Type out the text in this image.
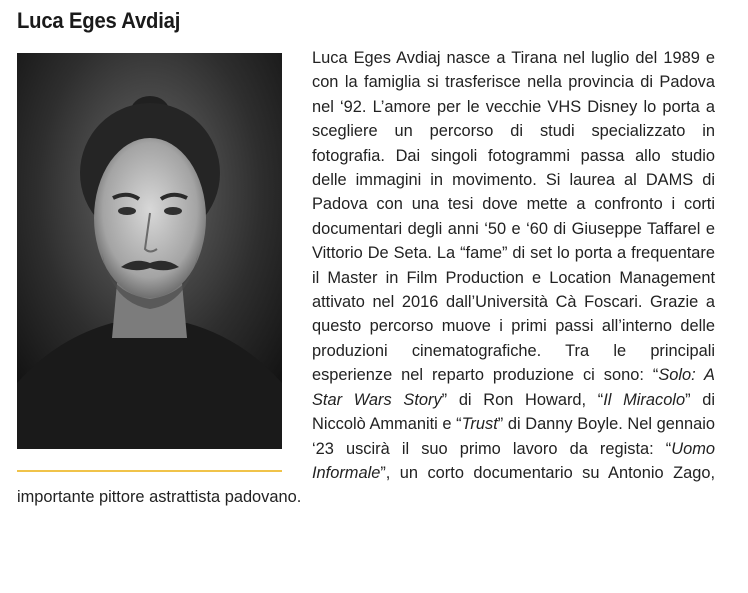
Luca Eges Avdiaj

Luca Eges Avdiaj nasce a Tirana nel luglio del 1989 e con la famiglia si trasferisce nella provincia di Padova nel ‘92. L’amore per le vecchie VHS Disney lo porta a scegliere un percorso di studi specializzato in fotografia. Dai singoli fotogrammi passa allo studio delle immagini in movimento. Si laurea al DAMS di Padova con una tesi dove mette a confronto i corti documentari degli anni ‘50 e ‘60 di Giuseppe Taffarel e Vittorio De Seta. La “fame” di set lo porta a frequentare il Master in Film Production e Location Management attivato nel 2016 dall’Università Cà Foscari. Grazie a questo percorso muove i primi passi all’interno delle produzioni cinematografiche. Tra le principali esperienze nel reparto produzione ci sono: “Solo: A Star Wars Story” di Ron Howard, “Il Miracolo” di Niccolò Ammaniti e “Trust” di Danny Boyle. Nel gennaio ‘23 uscirà il suo primo lavoro da regista: “Uomo Informale”, un corto documentario su Antonio Zago, importante pittore astrattista padovano.
